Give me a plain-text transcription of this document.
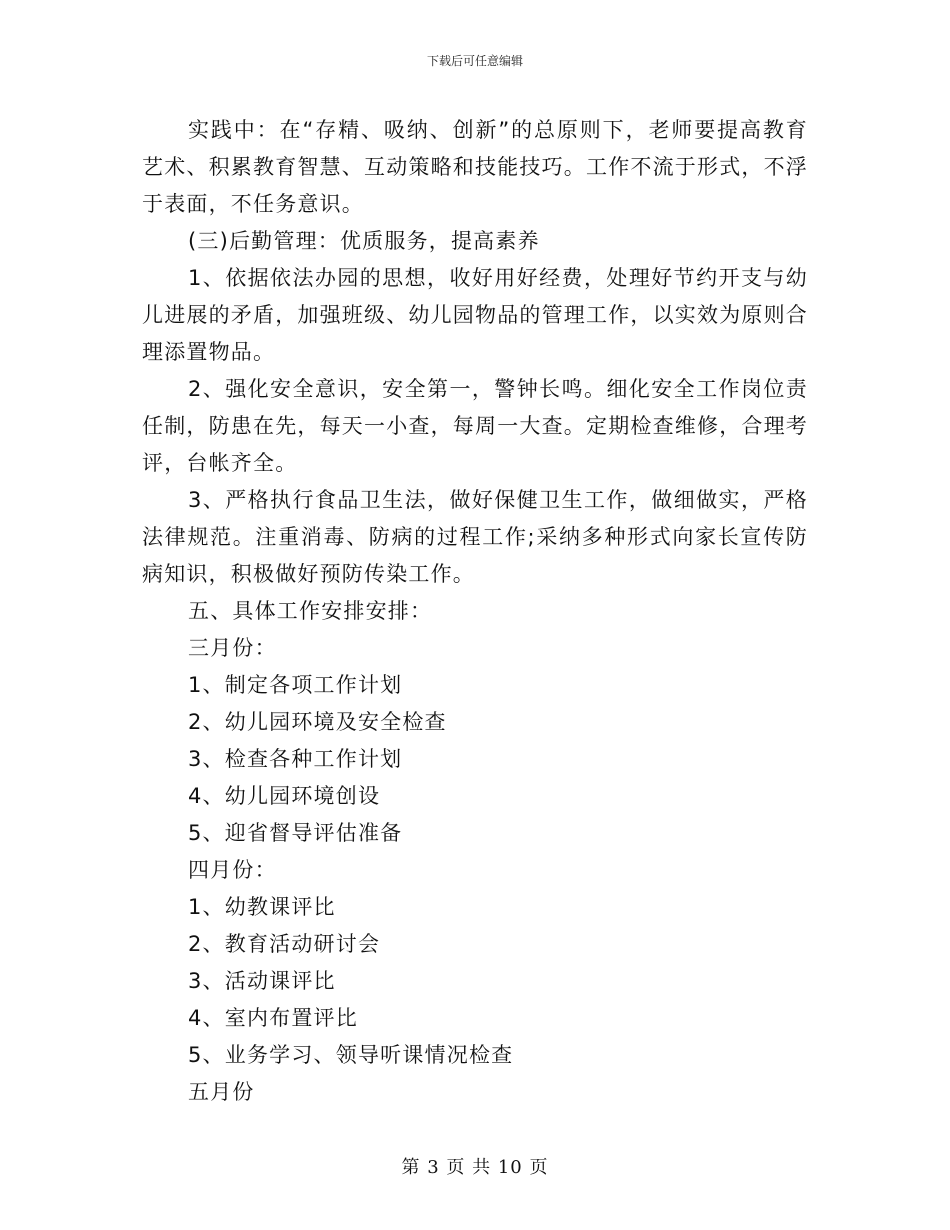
下载后可任意编辑

实践中：在“存精、吸纳、创新”的总原则下，老师要提高教育艺术、积累教育智慧、互动策略和技能技巧。工作不流于形式，不浮于表面，不任务意识。

(三)后勤管理：优质服务，提高素养

1、依据依法办园的思想，收好用好经费，处理好节约开支与幼儿进展的矛盾，加强班级、幼儿园物品的管理工作，以实效为原则合理添置物品。

2、强化安全意识，安全第一，警钟长鸣。细化安全工作岗位责任制，防患在先，每天一小查，每周一大查。定期检查维修，合理考评，台帐齐全。

3、严格执行食品卫生法，做好保健卫生工作，做细做实，严格法律规范。注重消毒、防病的过程工作;采纳多种形式向家长宣传防病知识，积极做好预防传染工作。

五、具体工作安排安排：

三月份：

1、制定各项工作计划

2、幼儿园环境及安全检查

3、检查各种工作计划

4、幼儿园环境创设

5、迎省督导评估准备

四月份：

1、幼教课评比

2、教育活动研讨会

3、活动课评比

4、室内布置评比

5、业务学习、领导听课情况检查

五月份

第 3 页 共 10 页
